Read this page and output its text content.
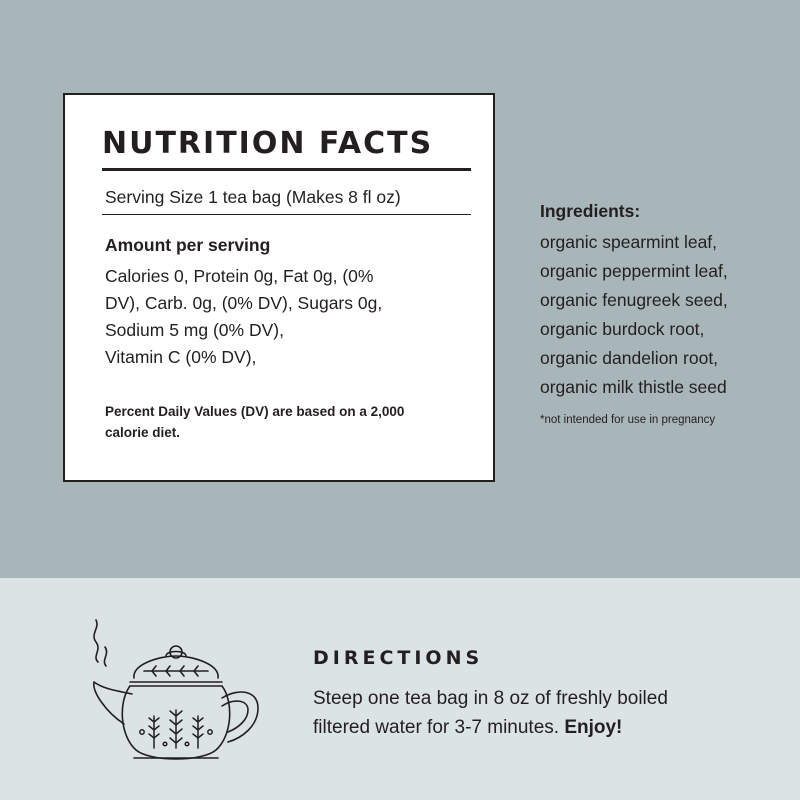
NUTRITION FACTS
Serving Size 1 tea bag (Makes 8 fl oz)
Amount per serving
Calories 0, Protein 0g, Fat 0g, (0%
DV), Carb. 0g, (0% DV), Sugars 0g,
Sodium 5 mg (0% DV),
Vitamin C (0% DV),
Percent Daily Values (DV) are based on a 2,000 calorie diet.
Ingredients:
organic spearmint leaf,
organic peppermint leaf,
organic fenugreek seed,
organic burdock root,
organic dandelion root,
organic milk thistle seed
*not intended for use in pregnancy
DIRECTIONS
Steep one tea bag in 8 oz of freshly boiled
filtered water for 3-7 minutes. Enjoy!
